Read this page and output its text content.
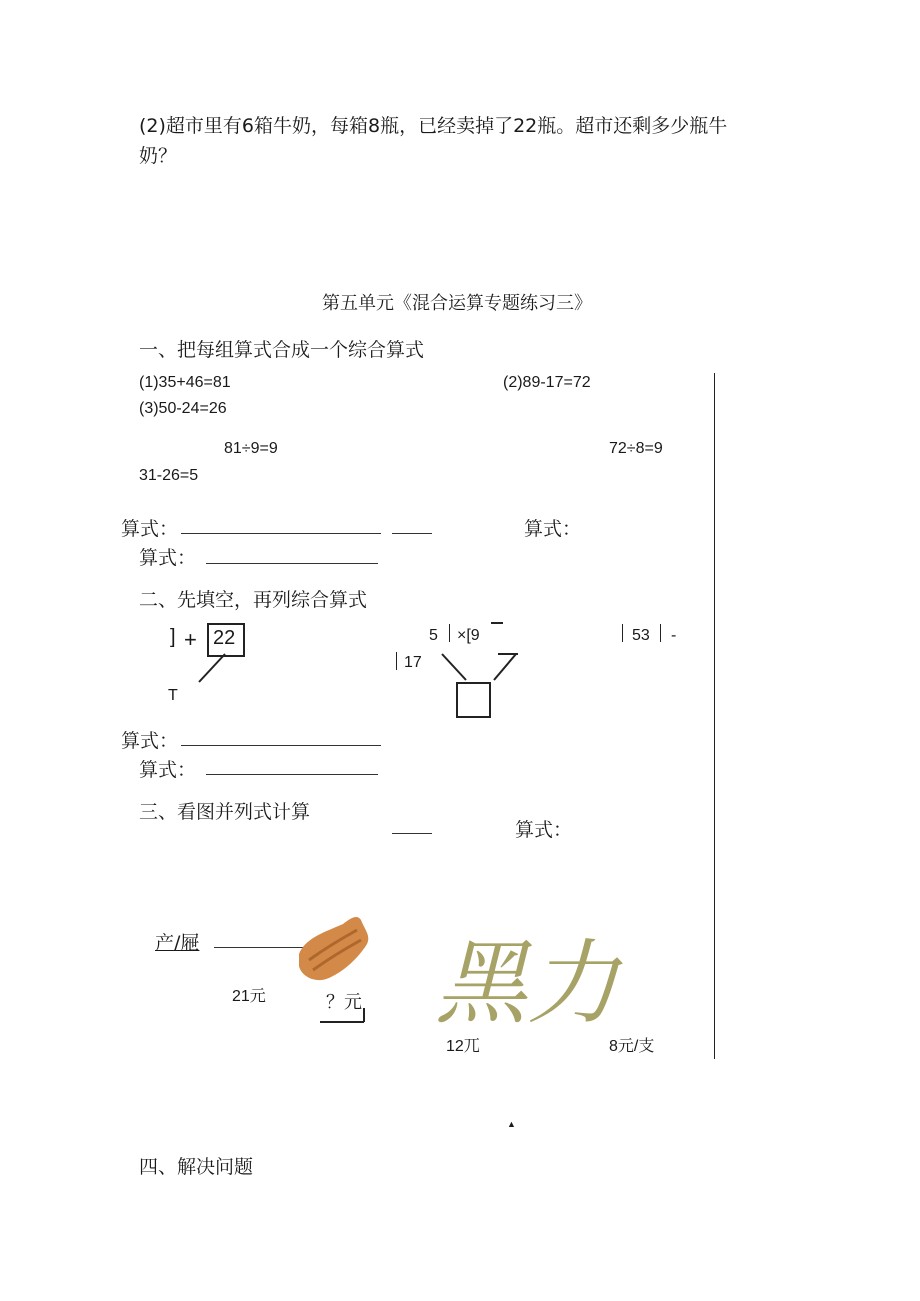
(2)超市里有6箱牛奶，每箱8瓶，已经卖掉了22瓶。超市还剩多少瓶牛
奶？
第五单元《混合运算专题练习三》
一、把每组算式合成一个综合算式
(1)35+46=81	(2)89-17=72
(3)50-24=26
81÷9=9	72÷8=9
31-26=5
算式：	算式：
算式：
二、先填空，再列综合算式
] + 22
T
5 ×[9
17
53 -
算式：
算式：
三、看图并列式计算
算式：
产/屜
21元	？元 黑力
12兀	8元/支
▲
四、解决问题
